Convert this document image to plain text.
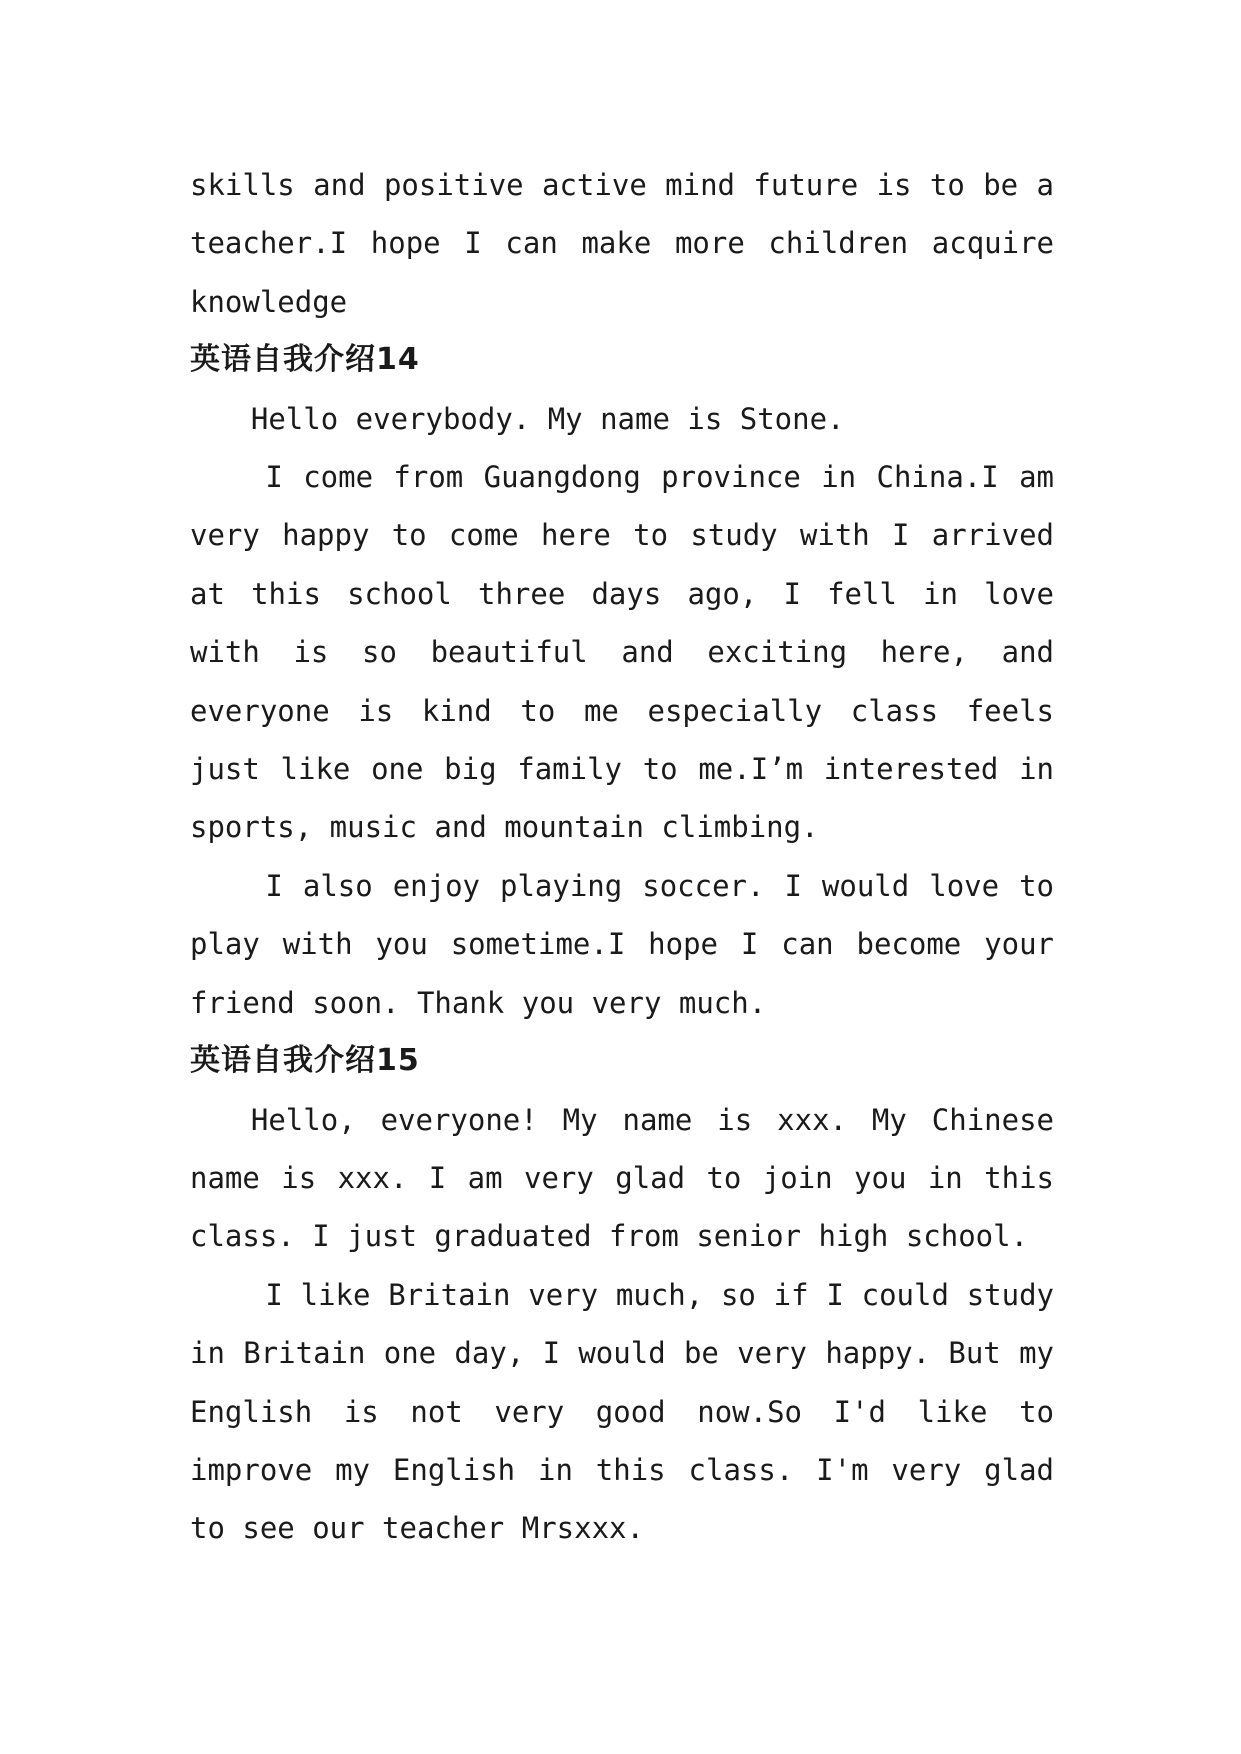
skills and positive active mind future is to be a teacher.I hope I can make more children acquire knowledge

英语自我介绍14

Hello everybody. My name is Stone.

I come from Guangdong province in China.I am very happy to come here to study with I arrived at this school three days ago, I fell in love with is so beautiful and exciting here, and everyone is kind to me especially class feels just like one big family to me.I’m interested in sports, music and mountain climbing.

I also enjoy playing soccer. I would love to play with you sometime.I hope I can become your friend soon. Thank you very much.

英语自我介绍15

Hello, everyone! My name is xxx. My Chinese name is xxx. I am very glad to join you in this class. I just graduated from senior high school.

I like Britain very much, so if I could study in Britain one day, I would be very happy. But my English is not very good now.So I'd like to improve my English in this class. I'm very glad to see our teacher Mrsxxx.
